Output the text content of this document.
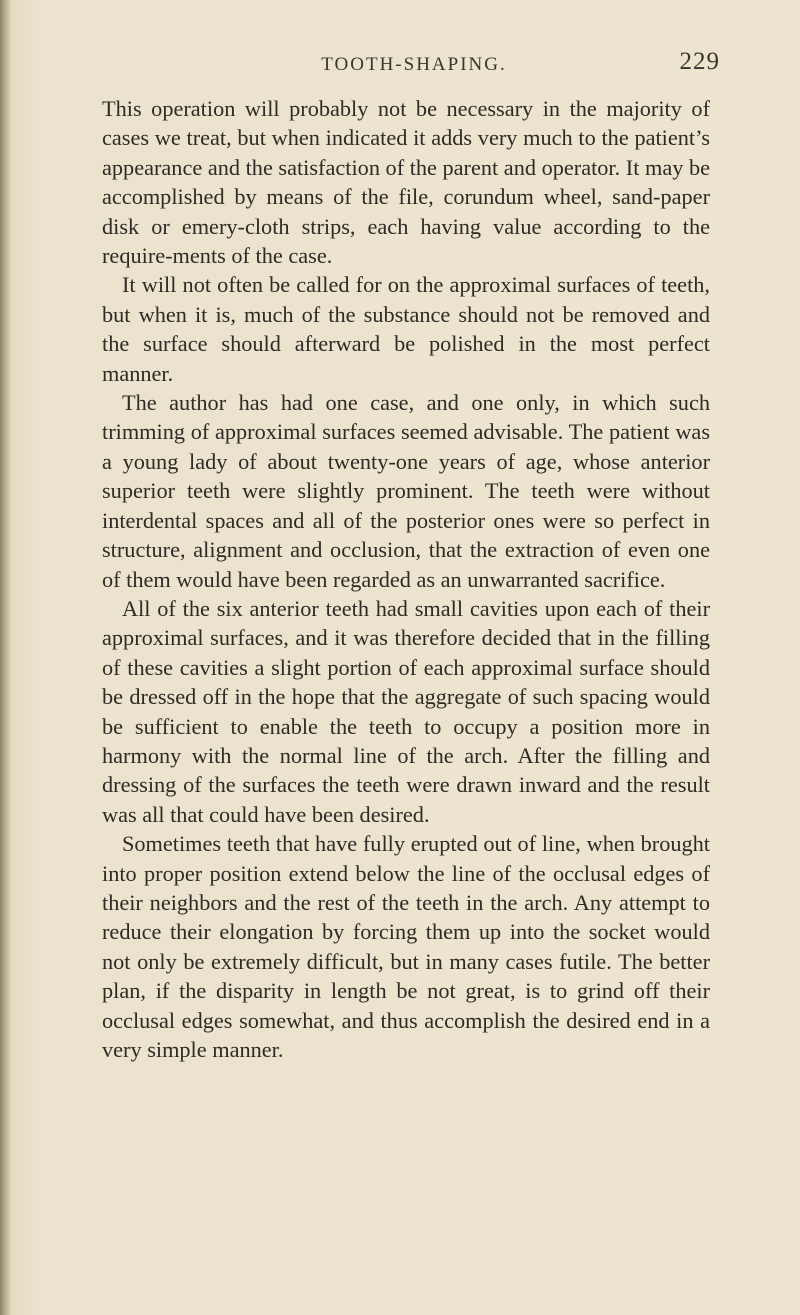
TOOTH-SHAPING.	229

This operation will probably not be necessary in the majority of cases we treat, but when indicated it adds very much to the patient’s appearance and the satisfaction of the parent and operator. It may be accomplished by means of the file, corundum wheel, sand-paper disk or emery-cloth strips, each having value according to the require-ments of the case.

It will not often be called for on the approximal surfaces of teeth, but when it is, much of the substance should not be removed and the surface should afterward be polished in the most perfect manner.

The author has had one case, and one only, in which such trimming of approximal surfaces seemed advisable. The patient was a young lady of about twenty-one years of age, whose anterior superior teeth were slightly prominent. The teeth were without interdental spaces and all of the posterior ones were so perfect in structure, alignment and occlusion, that the extraction of even one of them would have been regarded as an unwarranted sacrifice.

All of the six anterior teeth had small cavities upon each of their approximal surfaces, and it was therefore decided that in the filling of these cavities a slight portion of each approximal surface should be dressed off in the hope that the aggregate of such spacing would be sufficient to enable the teeth to occupy a position more in harmony with the normal line of the arch. After the filling and dressing of the surfaces the teeth were drawn inward and the result was all that could have been desired.

Sometimes teeth that have fully erupted out of line, when brought into proper position extend below the line of the occlusal edges of their neighbors and the rest of the teeth in the arch. Any attempt to reduce their elongation by forcing them up into the socket would not only be extremely difficult, but in many cases futile. The better plan, if the disparity in length be not great, is to grind off their occlusal edges somewhat, and thus accomplish the desired end in a very simple manner.
